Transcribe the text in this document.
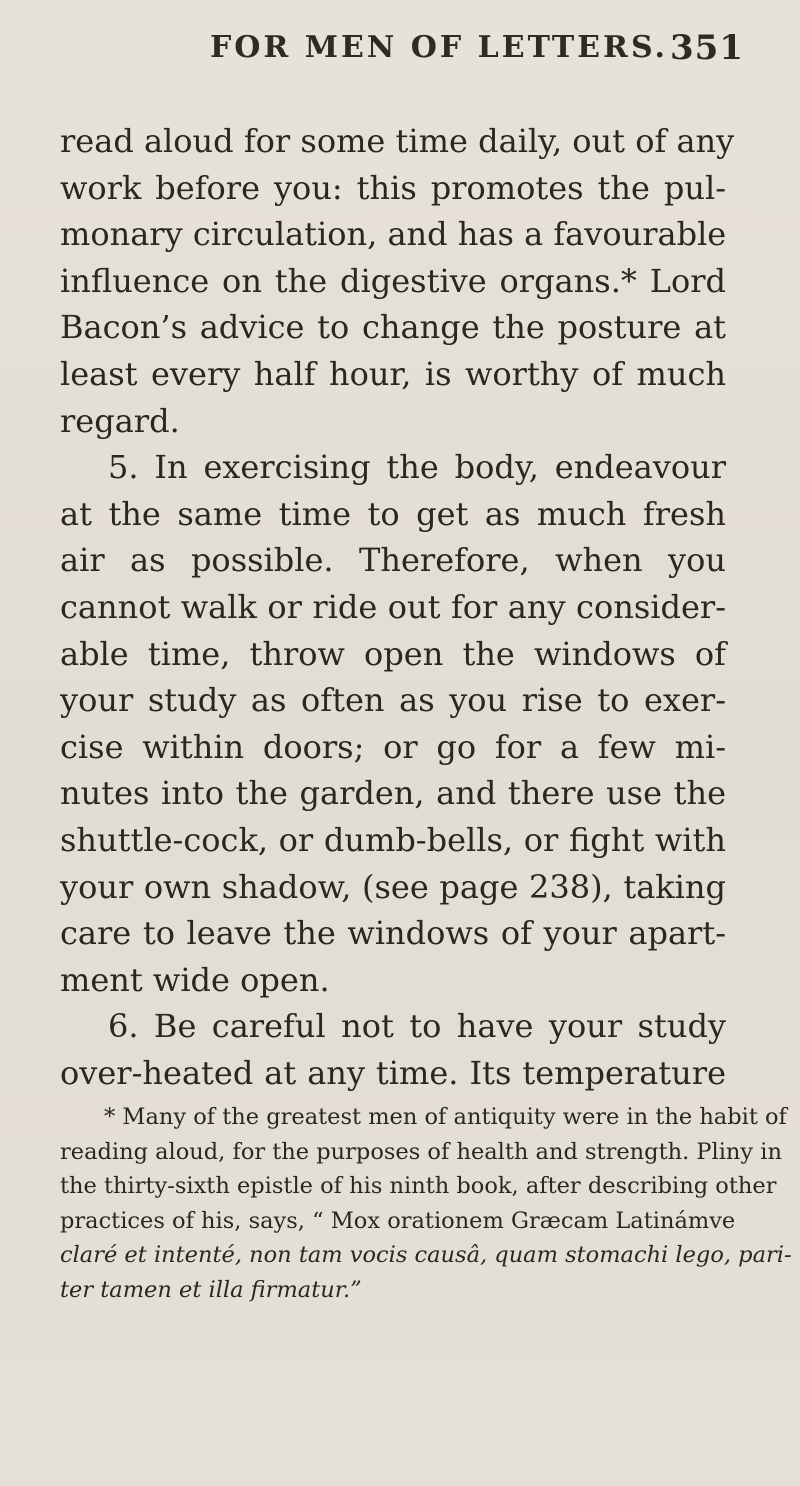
FOR MEN OF LETTERS. 351
read aloud for some time daily, out of any
work before you: this promotes the pul-
monary circulation, and has a favourable
influence on the digestive organs.* Lord
Bacon’s advice to change the posture at
least every half hour, is worthy of much
regard.
5. In exercising the body, endeavour
at the same time to get as much fresh
air as possible. Therefore, when you
cannot walk or ride out for any consider-
able time, throw open the windows of
your study as often as you rise to exer-
cise within doors; or go for a few mi-
nutes into the garden, and there use the
shuttle-cock, or dumb-bells, or fight with
your own shadow, (see page 238), taking
care to leave the windows of your apart-
ment wide open.
6. Be careful not to have your study
over-heated at any time. Its temperature
* Many of the greatest men of antiquity were in the habit of
reading aloud, for the purposes of health and strength. Pliny in
the thirty-sixth epistle of his ninth book, after describing other
practices of his, says, “ Mox orationem Græcam Latinámve
claré et intenté, non tam vocis causâ, quam stomachi lego, pari-
ter tamen et illa firmatur.”
